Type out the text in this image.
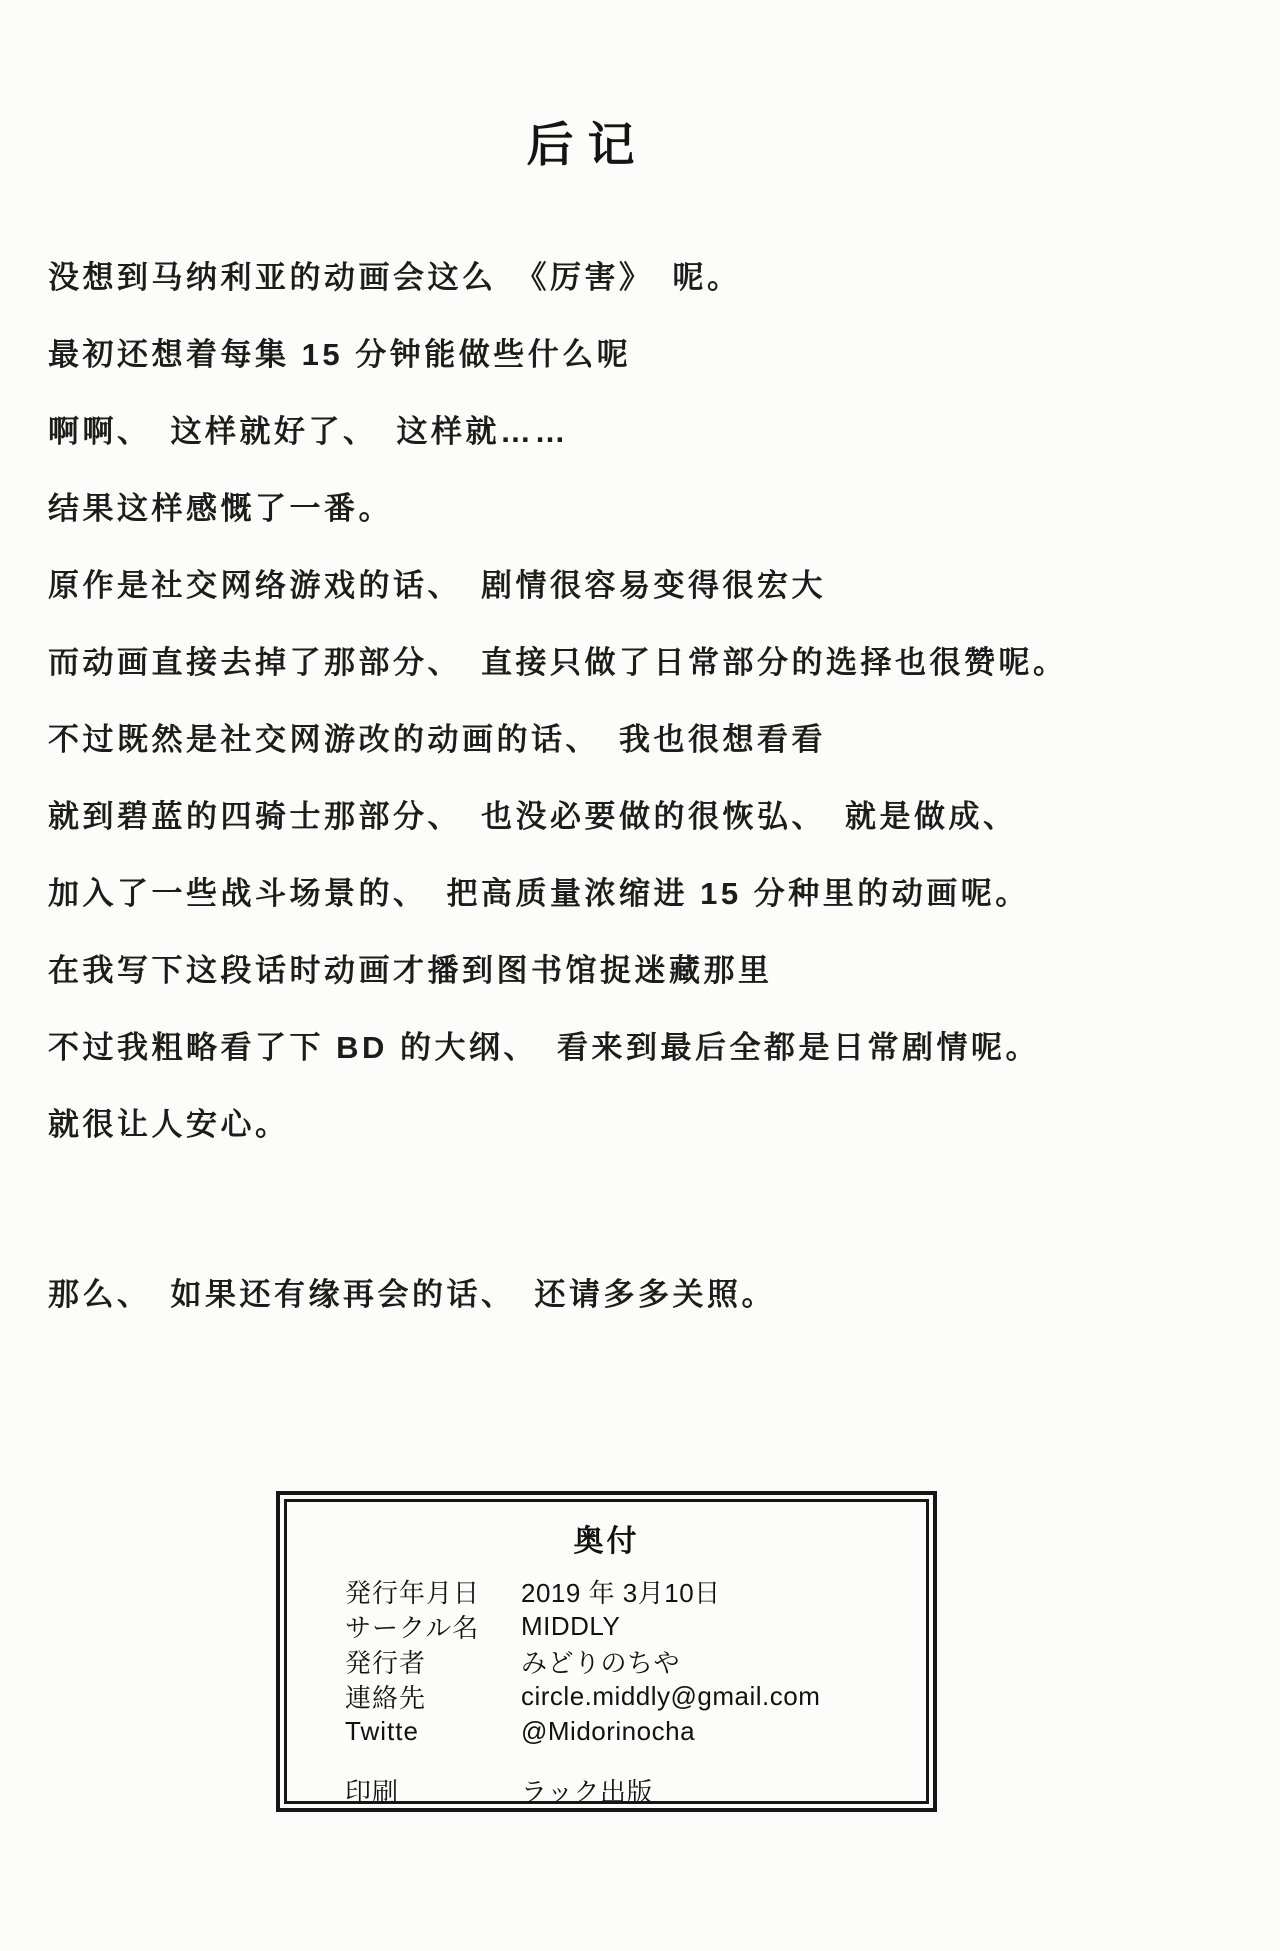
后记
没想到马纳利亚的动画会这么　《厉害》　呢。
最初还想着每集 15 分钟能做些什么呢
啊啊、　这样就好了、　这样就……
结果这样感慨了一番。
原作是社交网络游戏的话、　剧情很容易变得很宏大
而动画直接去掉了那部分、　直接只做了日常部分的选择也很赞呢。
不过既然是社交网游改的动画的话、　我也很想看看
就到碧蓝的四骑士那部分、　也没必要做的很恢弘、　就是做成、
加入了一些战斗场景的、　把高质量浓缩进 15 分种里的动画呢。
在我写下这段话时动画才播到图书馆捉迷藏那里
不过我粗略看了下 BD 的大纲、　看来到最后全都是日常剧情呢。
就很让人安心。
那么、　如果还有缘再会的话、　还请多多关照。
奥付
発行年月日	2019 年 3月10日
サークル名	MIDDLY
発行者	みどりのちや
連絡先	circle.middly@gmail.com
Twitte	@Midorinocha
印刷	ラック出版
